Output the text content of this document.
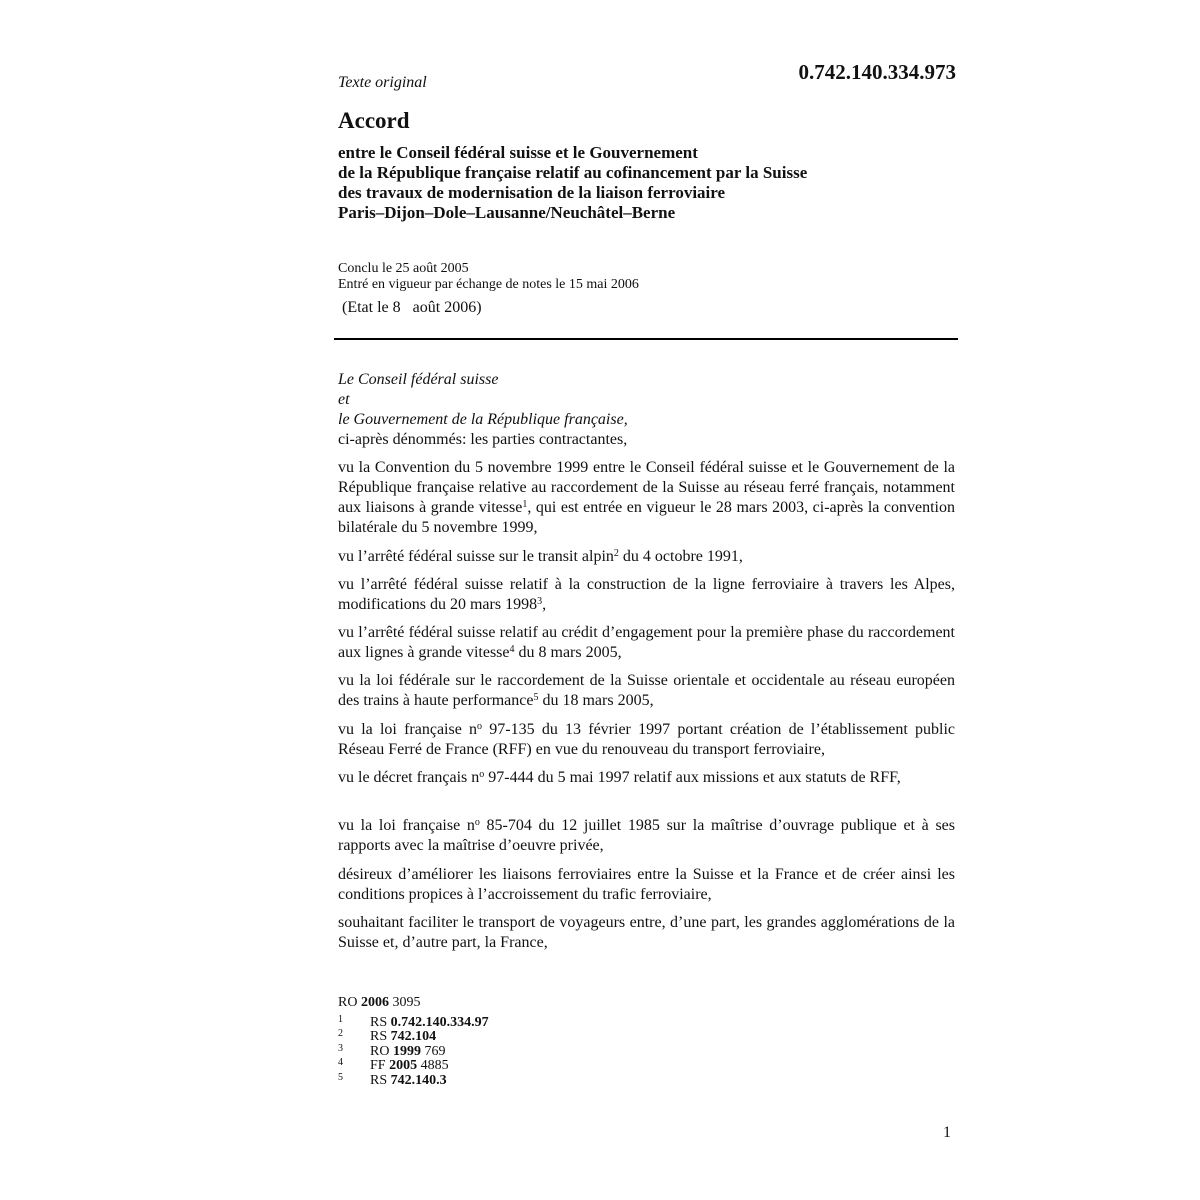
0.742.140.334.973
Texte original
Accord
entre le Conseil fédéral suisse et le Gouvernement
de la République française relatif au cofinancement par la Suisse
des travaux de modernisation de la liaison ferroviaire
Paris–Dijon–Dole–Lausanne/Neuchâtel–Berne
Conclu le 25 août 2005
Entré en vigueur par échange de notes le 15 mai 2006
(Etat le 8   août 2006)
Le Conseil fédéral suisse
et
le Gouvernement de la République française,
ci-après dénommés: les parties contractantes,
vu la Convention du 5 novembre 1999 entre le Conseil fédéral suisse et le Gouvernement de la République française relative au raccordement de la Suisse au réseau ferré français, notamment aux liaisons à grande vitesse$^1$, qui est entrée en vigueur le 28 mars 2003, ci-après la convention bilatérale du 5 novembre 1999,
vu l’arrêté fédéral suisse sur le transit alpin$^2$ du 4 octobre 1991,
vu l’arrêté fédéral suisse relatif à la construction de la ligne ferroviaire à travers les Alpes, modifications du 20 mars 1998$^3$,
vu l’arrêté fédéral suisse relatif au crédit d’engagement pour la première phase du raccordement aux lignes à grande vitesse$^4$ du 8 mars 2005,
vu la loi fédérale sur le raccordement de la Suisse orientale et occidentale au réseau européen des trains à haute performance$^5$ du 18 mars 2005,
vu la loi française $n^o$ 97-135 du 13 février 1997 portant création de l’établissement public Réseau Ferré de France (RFF) en vue du renouveau du transport ferroviaire,
vu le décret français $n^o$ 97-444 du 5 mai 1997 relatif aux missions et aux statuts de RFF,
vu la loi française $n^o$ 85-704 du 12 juillet 1985 sur la maîtrise d’ouvrage publique et à ses rapports avec la maîtrise d’oeuvre privée,
désireux d’améliorer les liaisons ferroviaires entre la Suisse et la France et de créer ainsi les conditions propices à l’accroissement du trafic ferroviaire,
souhaitant faciliter le transport de voyageurs entre, d’une part, les grandes agglomérations de la Suisse et, d’autre part, la France,
RO 2006 3095
1	RS 0.742.140.334.97
2	RS 742.104
3	RO 1999 769
4	FF 2005 4885
5	RS 742.140.3
1
